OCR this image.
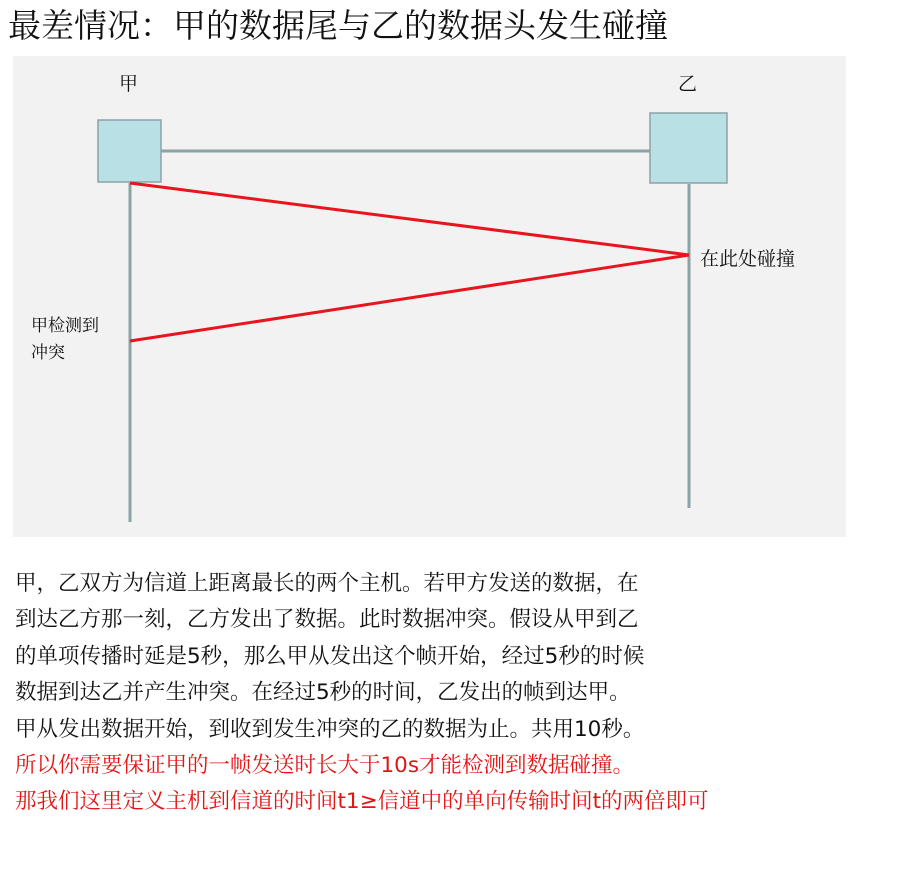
最差情况：甲的数据尾与乙的数据头发生碰撞
甲	乙
在此处碰撞
甲检测到
冲突
甲，乙双方为信道上距离最长的两个主机。若甲方发送的数据，在
到达乙方那一刻，乙方发出了数据。此时数据冲突。假设从甲到乙
的单项传播时延是5秒，那么甲从发出这个帧开始，经过5秒的时候
数据到达乙并产生冲突。在经过5秒的时间，乙发出的帧到达甲。
甲从发出数据开始，到收到发生冲突的乙的数据为止。共用10秒。
所以你需要保证甲的一帧发送时长大于10s才能检测到数据碰撞。
那我们这里定义主机到信道的时间t1≥信道中的单向传输时间t的两倍即可
